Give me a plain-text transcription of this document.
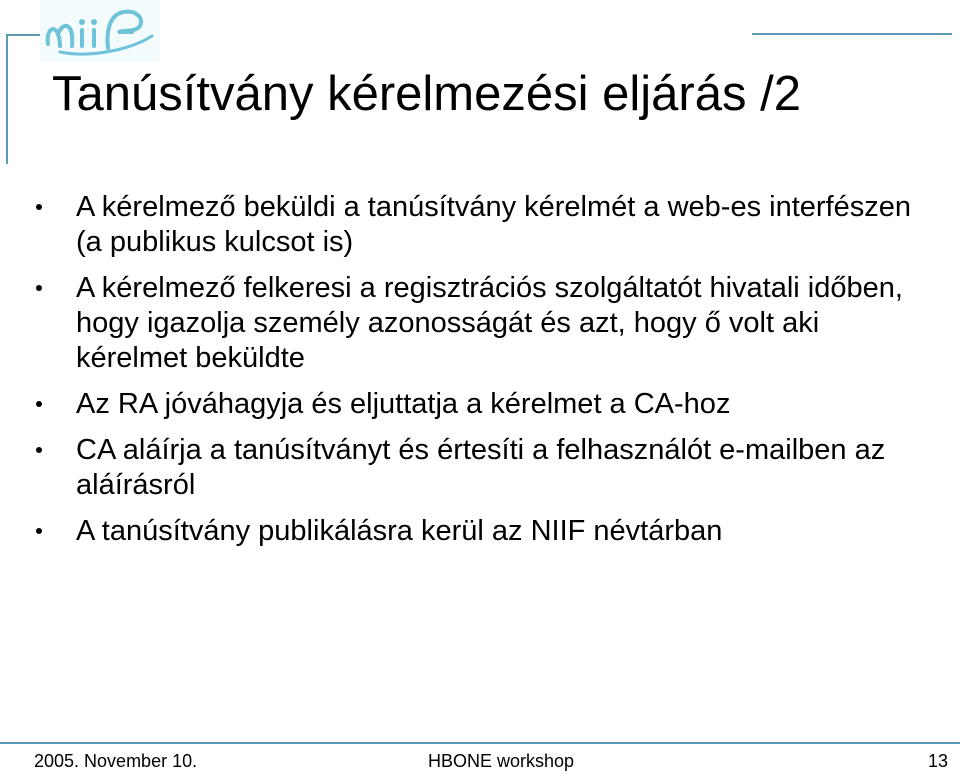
Tanúsítvány kérelmezési eljárás /2
A kérelmező beküldi a tanúsítvány kérelmét a web-es interfészen (a publikus kulcsot is)
A kérelmező felkeresi a regisztrációs szolgáltatót hivatali időben, hogy igazolja személy azonosságát és azt, hogy ő volt aki kérelmet beküldte
Az RA jóváhagyja és eljuttatja a kérelmet a CA-hoz
CA aláírja a tanúsítványt és értesíti a felhasználót e-mailben az aláírásról
A tanúsítvány publikálásra kerül az NIIF névtárban
2005. November 10.	HBONE workshop	13
